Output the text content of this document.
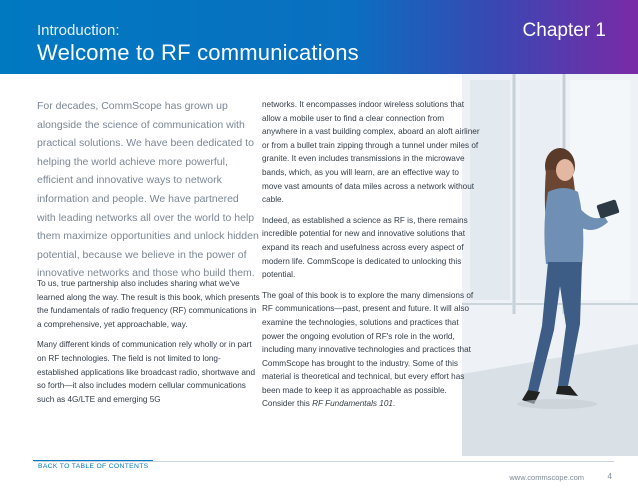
Introduction:
Welcome to RF communications
Chapter 1
For decades, CommScope has grown up alongside the science of communication with practical solutions. We have been dedicated to helping the world achieve more powerful, efficient and innovative ways to network information and people. We have partnered with leading networks all over the world to help them maximize opportunities and unlock hidden potential, because we believe in the power of innovative networks and those who build them.

To us, true partnership also includes sharing what we've learned along the way. The result is this book, which presents the fundamentals of radio frequency (RF) communications in a comprehensive, yet approachable, way.

Many different kinds of communication rely wholly or in part on RF technologies. The field is not limited to long-established applications like broadcast radio, shortwave and so forth—it also includes modern cellular communications such as 4G/LTE and emerging 5G

networks. It encompasses indoor wireless solutions that allow a mobile user to find a clear connection from anywhere in a vast building complex, aboard an aloft airliner or from a bullet train zipping through a tunnel under miles of granite. It even includes transmissions in the microwave bands, which, as you will learn, are an effective way to move vast amounts of data miles across a network without cable.

Indeed, as established a science as RF is, there remains incredible potential for new and innovative solutions that expand its reach and usefulness across every aspect of modern life. CommScope is dedicated to unlocking this potential.

The goal of this book is to explore the many dimensions of RF communications—past, present and future. It will also examine the technologies, solutions and practices that power the ongoing evolution of RF's role in the world, including many innovative technologies and practices that CommScope has brought to the industry. Some of this material is theoretical and technical, but every effort has been made to keep it as approachable as possible. Consider this RF Fundamentals 101.

BACK TO TABLE OF CONTENTS
www.commscope.com	4
